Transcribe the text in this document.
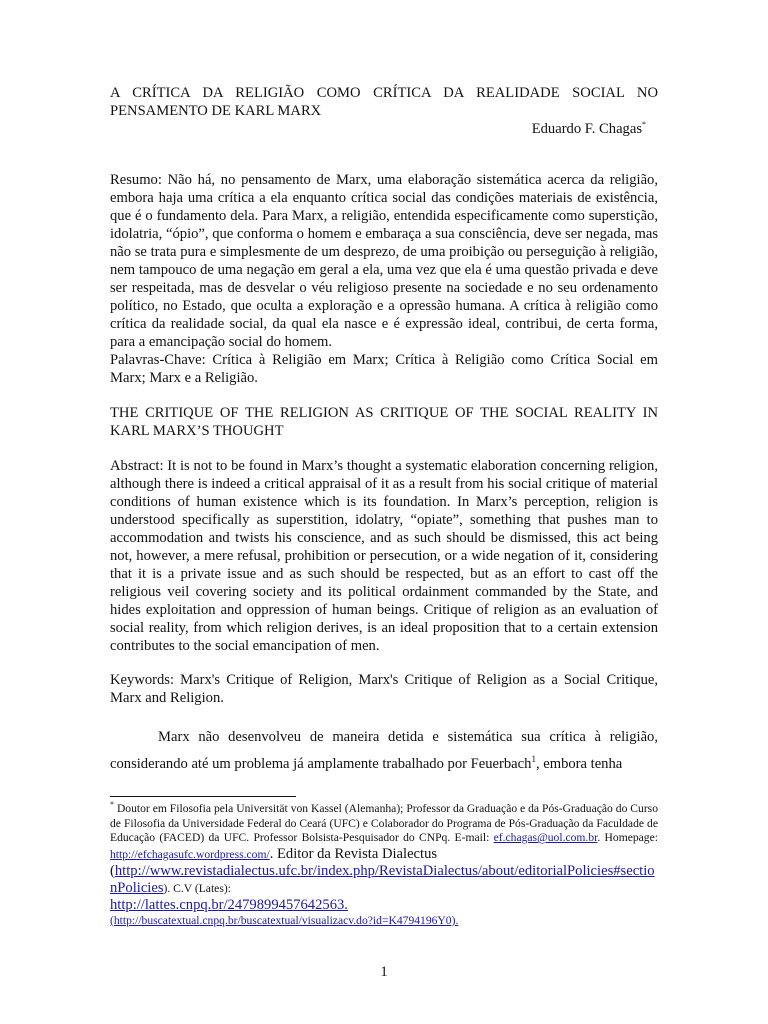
A CRÍTICA DA RELIGIÃO COMO CRÍTICA DA REALIDADE SOCIAL NO
PENSAMENTO DE KARL MARX
Eduardo F. Chagas*
Resumo: Não há, no pensamento de Marx, uma elaboração sistemática acerca da religião, embora haja uma crítica a ela enquanto crítica social das condições materiais de existência, que é o fundamento dela. Para Marx, a religião, entendida especificamente como superstição, idolatria, “ópio”, que conforma o homem e embaraça a sua consciência, deve ser negada, mas não se trata pura e simplesmente de um desprezo, de uma proibição ou perseguição à religião, nem tampouco de uma negação em geral a ela, uma vez que ela é uma questão privada e deve ser respeitada, mas de desvelar o véu religioso presente na sociedade e no seu ordenamento político, no Estado, que oculta a exploração e a opressão humana. A crítica à religião como crítica da realidade social, da qual ela nasce e é expressão ideal, contribui, de certa forma, para a emancipação social do homem.
Palavras-Chave: Crítica à Religião em Marx; Crítica à Religião como Crítica Social em Marx; Marx e a Religião.
THE CRITIQUE OF THE RELIGION AS CRITIQUE OF THE SOCIAL REALITY IN KARL MARX’S THOUGHT
Abstract: It is not to be found in Marx’s thought a systematic elaboration concerning religion, although there is indeed a critical appraisal of it as a result from his social critique of material conditions of human existence which is its foundation. In Marx’s perception, religion is understood specifically as superstition, idolatry, “opiate”, something that pushes man to accommodation and twists his conscience, and as such should be dismissed, this act being not, however, a mere refusal, prohibition or persecution, or a wide negation of it, considering that it is a private issue and as such should be respected, but as an effort to cast off the religious veil covering society and its political ordainment commanded by the State, and hides exploitation and oppression of human beings. Critique of religion as an evaluation of social reality, from which religion derives, is an ideal proposition that to a certain extension contributes to the social emancipation of men.
Keywords: Marx's Critique of Religion, Marx's Critique of Religion as a Social Critique, Marx and Religion.
Marx não desenvolveu de maneira detida e sistemática sua crítica à religião, considerando até um problema já amplamente trabalhado por Feuerbach$^1$, embora tenha
* Doutor em Filosofia pela Universität von Kassel (Alemanha); Professor da Graduação e da Pós-Graduação do Curso de Filosofia da Universidade Federal do Ceará (UFC) e Colaborador do Programa de Pós-Graduação da Faculdade de Educação (FACED) da UFC. Professor Bolsista-Pesquisador do CNPq. E-mail: ef.chagas@uol.com.br. Homepage: http://efchagasufc.wordpress.com/. Editor da Revista Dialectus
(http://www.revistadialectus.ufc.br/index.php/RevistaDialectus/about/editorialPolicies#sectionPolicies). C.V (Lates):
http://lattes.cnpq.br/2479899457642563.
(http://buscatextual.cnpq.br/buscatextual/visualizacv.do?id=K4794196Y0).
1
